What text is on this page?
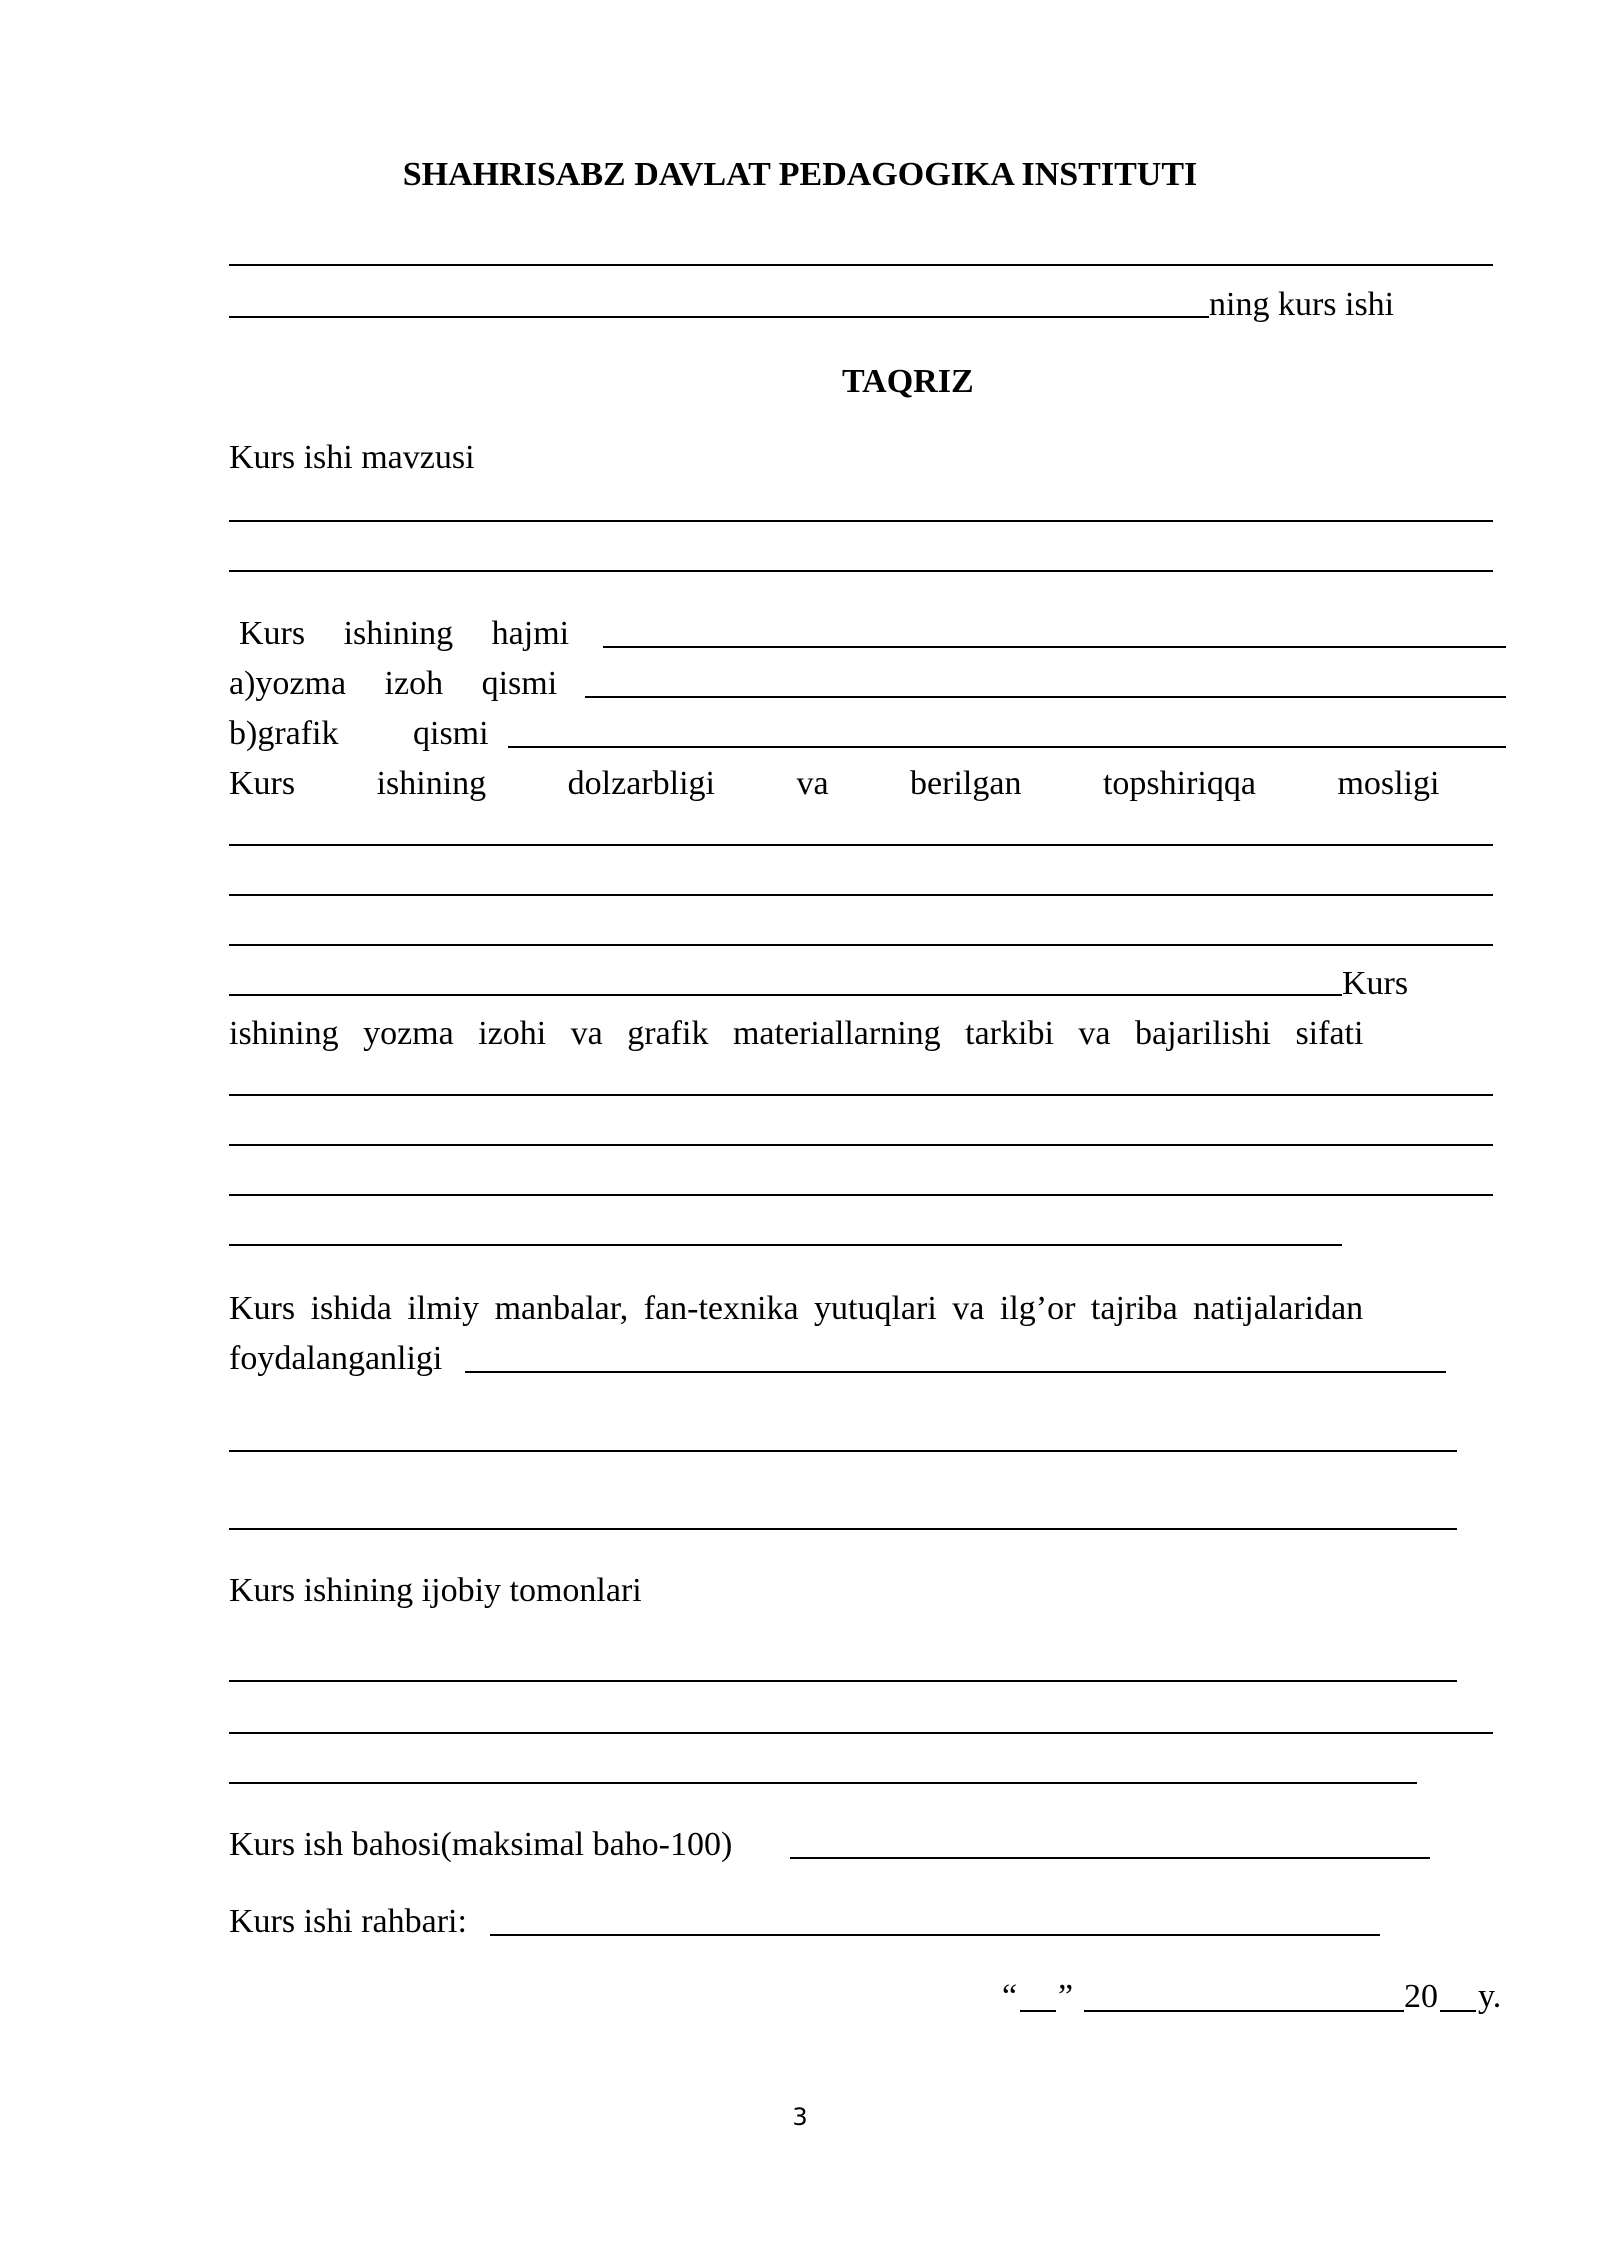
SHAHRISABZ DAVLAT PEDAGOGIKA INSTITUTI
ning kurs ishi
TAQRIZ
Kurs ishi mavzusi
Kurs ishining hajmi
a)yozma izoh qismi
b)grafik qismi
Kurs ishining dolzarbligi va berilgan topshiriqqa mosligi
Kurs
ishining yozma izohi va grafik materiallarning tarkibi va bajarilishi sifati
Kurs ishida ilmiy manbalar, fan-texnika yutuqlari va ilg’or tajriba natijalaridan
foydalanganligi
Kurs ishining ijobiy tomonlari
Kurs ish bahosi(maksimal baho-100)
Kurs ishi rahbari:
“ ”	20 y.
3
